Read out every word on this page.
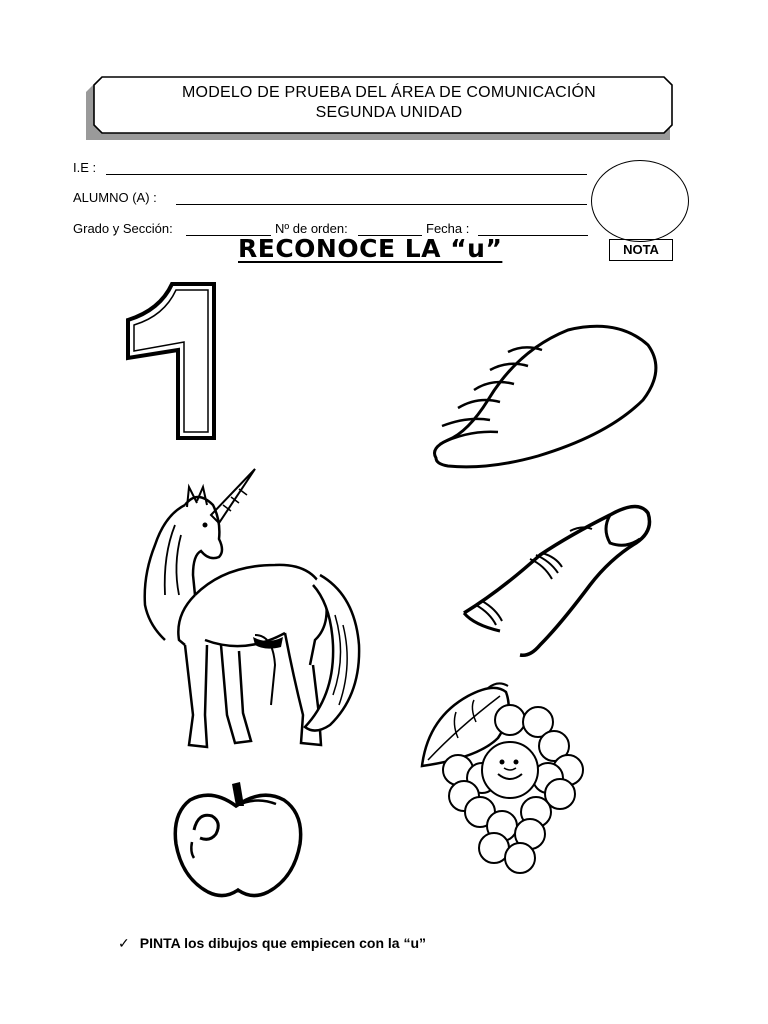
MODELO DE PRUEBA DEL ÁREA DE COMUNICACIÓN
SEGUNDA UNIDAD
I.E :
ALUMNO (A) :
Grado y Sección:	Nº de orden:	Fecha :
NOTA
RECONOCE LA “u”
✓ PINTA los dibujos que empiecen con la “u”
